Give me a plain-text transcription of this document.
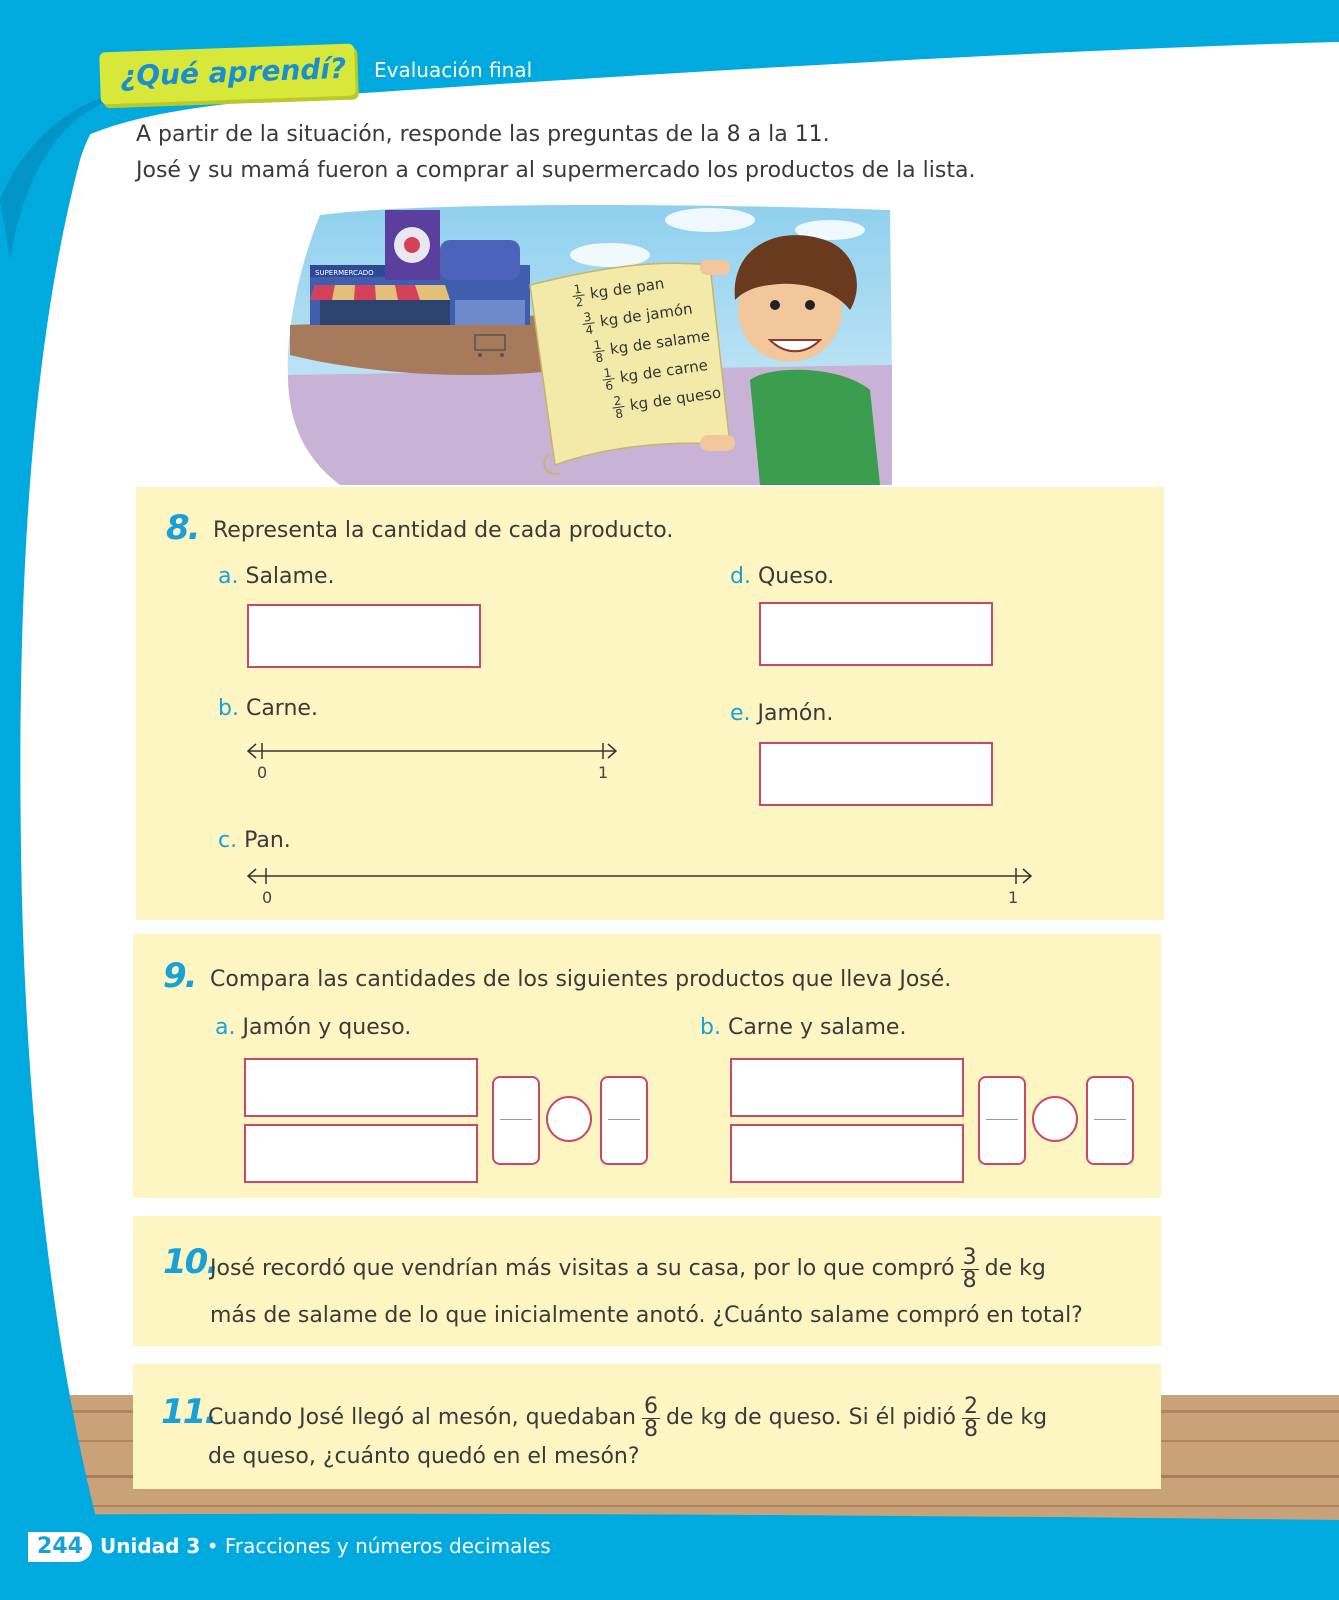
¿Qué aprendí?	Evaluación final
A partir de la situación, responde las preguntas de la 8 a la 11.
José y su mamá fueron a comprar al supermercado los productos de la lista.
SUPERMERCADO
$\frac{1}{2}$ kg de pan
$\frac{3}{4}$ kg de jamón
$\frac{1}{8}$ kg de salame
$\frac{1}{6}$ kg de carne
$\frac{2}{8}$ kg de queso
8. Representa la cantidad de cada producto.
a. Salame.	d. Queso.
b. Carne.
0	1
e. Jamón.
c. Pan.
0	1
9. Compara las cantidades de los siguientes productos que lleva José.
a. Jamón y queso.	b. Carne y salame.
10.
José recordó que vendrían más visitas a su casa, por lo que compró $\frac{3}{8}$ de kg
más de salame de lo que inicialmente anotó. ¿Cuánto salame compró en total?
11.
Cuando José llegó al mesón, quedaban $\frac{6}{8}$ de kg de queso. Si él pidió $\frac{2}{8}$ de kg
de queso, ¿cuánto quedó en el mesón?
244 Unidad 3 • Fracciones y números decimales
